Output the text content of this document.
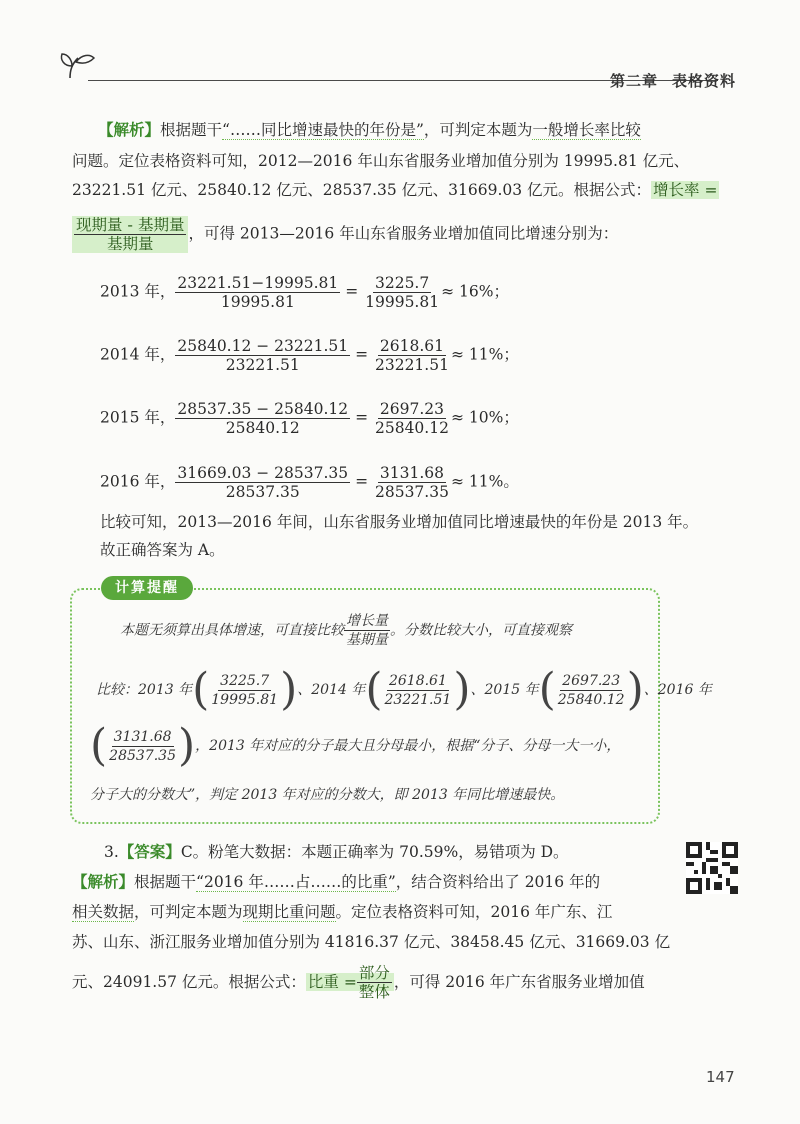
第二章 表格资料
【解析】根据题干“……同比增速最快的年份是”，可判定本题为一般增长率比较
问题。定位表格资料可知，2012—2016 年山东省服务业增加值分别为 19995.81 亿元、
23221.51 亿元、25840.12 亿元、28537.35 亿元、31669.03 亿元。根据公式： 增长率 =
现期量 - 基期量
基期量
，可得 2013—2016 年山东省服务业增加值同比增速分别为：
2013 年， $\frac{23221.51-19995.81}{19995.81} = \frac{3225.7}{19995.81} \approx 16\%$；
2014 年， $\frac{25840.12 - 23221.51}{23221.51} = \frac{2618.61}{23221.51} \approx 11\%$；
2015 年， $\frac{28537.35 - 25840.12}{25840.12} = \frac{2697.23}{25840.12} \approx 10\%$；
2016 年， $\frac{31669.03 - 28537.35}{28537.35} = \frac{3131.68}{28537.35} \approx 11\%$。
比较可知，2013—2016 年间，山东省服务业增加值同比增速最快的年份是 2013 年。
故正确答案为 A。
计算提醒
本题无须算出具体增速，可直接比较
增长量
基期量
。分数比较大小，可直接观察
比较：2013 年 ( 3225.7
19995.81 ) 、2014 年 ( 2618.61
23221.51 ) 、2015 年 ( 2697.23
25840.12 ) 、2016 年
( 3131.68
28537.35 ) ，2013 年对应的分子最大且分母最小，根据“分子、分母一大一小，
分子大的分数大”，判定 2013 年对应的分数大，即 2013 年同比增速最快。
3.【答案】C。粉笔大数据：本题正确率为 70.59%，易错项为 D。
【解析】根据题干“2016 年……占……的比重”，结合资料给出了 2016 年的
相关数据，可判定本题为现期比重问题。定位表格资料可知，2016 年广东、江
苏、山东、浙江服务业增加值分别为 41816.37 亿元、38458.45 亿元、31669.03 亿
元、24091.57 亿元。根据公式： 比重 = 部分
整体
，可得 2016 年广东省服务业增加值
147
